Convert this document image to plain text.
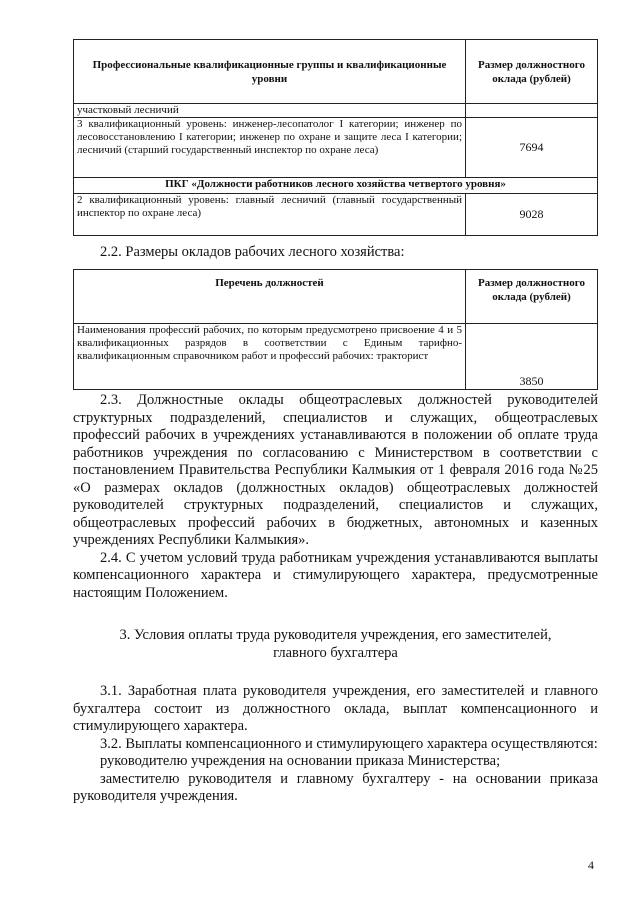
Профессиональные квалификационные группы и квалификационные уровни	Размер должностного оклада (рублей)
участковый лесничий	
3 квалификационный уровень: инженер-лесопатолог I категории; инженер по лесовосстановлению I категории; инженер по охране и защите леса I категории; лесничий (старший государственный инспектор по охране леса)	7694
ПКГ «Должности работников лесного хозяйства четвертого уровня»	
2 квалификационный уровень: главный лесничий (главный государственный инспектор по охране леса)	9028

2.2. Размеры окладов рабочих лесного хозяйства:

Перечень должностей	Размер должностного оклада (рублей)
Наименования профессий рабочих, по которым предусмотрено присвоение 4 и 5 квалификационных разрядов в соответствии с Единым тарифно-квалификационным справочником работ и профессий рабочих: тракторист	3850

2.3. Должностные оклады общеотраслевых должностей руководителей структурных подразделений, специалистов и служащих, общеотраслевых профессий рабочих в учреждениях устанавливаются в положении об оплате труда работников учреждения по согласованию с Министерством в соответствии с постановлением Правительства Республики Калмыкия от 1 февраля 2016 года №25 «О размерах окладов (должностных окладов) общеотраслевых должностей руководителей структурных подразделений, специалистов и служащих, общеотраслевых профессий рабочих в бюджетных, автономных и казенных учреждениях Республики Калмыкия».

2.4. С учетом условий труда работникам учреждения устанавливаются выплаты компенсационного характера и стимулирующего характера, предусмотренные настоящим Положением.

3. Условия оплаты труда руководителя учреждения, его заместителей, главного бухгалтера

3.1. Заработная плата руководителя учреждения, его заместителей и главного бухгалтера состоит из должностного оклада, выплат компенсационного и стимулирующего характера.

3.2. Выплаты компенсационного и стимулирующего характера осуществляются:

руководителю учреждения на основании приказа Министерства;

заместителю руководителя и главному бухгалтеру - на основании приказа руководителя учреждения.

4
